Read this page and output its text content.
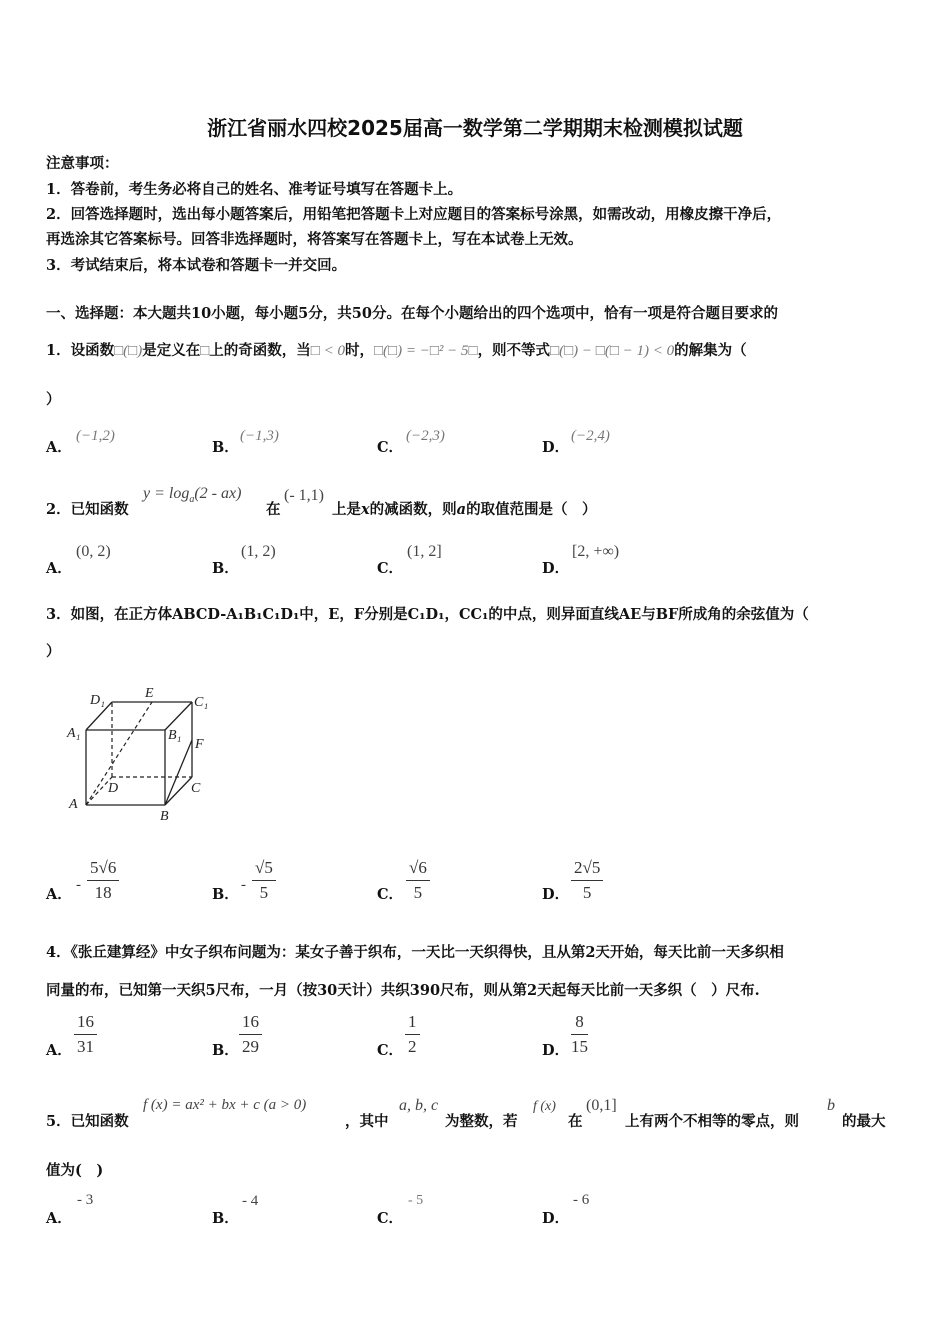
浙江省丽水四校2025届高一数学第二学期期末检测模拟试题
注意事项：
1．答卷前，考生务必将自己的姓名、准考证号填写在答题卡上。
2．回答选择题时，选出每小题答案后，用铅笔把答题卡上对应题目的答案标号涂黑，如需改动，用橡皮擦干净后，
再选涂其它答案标号。回答非选择题时，将答案写在答题卡上，写在本试卷上无效。
3．考试结束后，将本试卷和答题卡一并交回。
一、选择题：本大题共10小题，每小题5分，共50分。在每个小题给出的四个选项中，恰有一项是符合题目要求的
1．设函数□(□)是定义在□上的奇函数，当□ < 0时，□(□) = −□² − 5□，则不等式□(□) − □(□ − 1) < 0的解集为（
）
A．
(−1,2)
B．
(−1,3)
C．
(−2,3)
D．
(−2,4)
2．已知函数
$y = \log_a(2 - ax)$
在
(- 1,1)
上是x的减函数，则a的取值范围是（　）
A．
(0, 2)
B．
(1, 2)
C．
(1, 2]
D．
[2, +∞)
3．如图，在正方体ABCD-A₁B₁C₁D₁中，E，F分别是C₁D₁，CC₁的中点，则异面直线AE与BF所成角的余弦值为（
）
D₁	E
C₁
A₁	B₁
F
D	C
A
B
A．
- $\frac{5√6}{18}$	B．
- $\frac{√5}{5}$	C． $\frac{√6}{5}$	D． $\frac{2√5}{5}$
4．《张丘建算经》中女子织布问题为：某女子善于织布，一天比一天织得快，且从第2天开始，每天比前一天多织相
同量的布，已知第一天织5尺布，一月（按30天计）共织390尺布，则从第2天起每天比前一天多织（　）尺布.
A． $\frac{16}{31}$	B． $\frac{16}{29}$	C． $\frac{1}{2}$	D． $\frac{8}{15}$
5．已知函数
f (x) = ax² + bx + c (a > 0)
，其中
a, b, c
为整数，若
f (x)
在
(0,1]
上有两个不相等的零点，则
b
的最大
值为(　)
A．
- 3
B．
- 4
C．
- 5
D．
- 6
